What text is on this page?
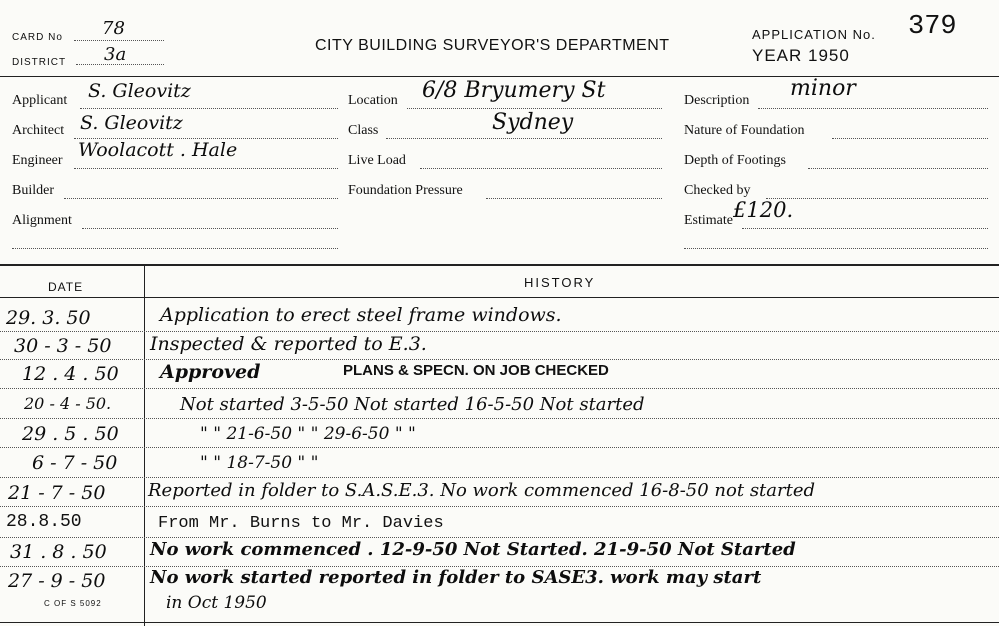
CARD No 78
DISTRICT 3a	CITY BUILDING SURVEYOR'S DEPARTMENT
APPLICATION No. 379
YEAR 1950
Applicant S. Gleovitz
Architect S. Gleovitz
Engineer Woolacott . Hale
Builder
Alignment
Location 6/8 Bryumery St
Class	Sydney
Live Load
Foundation Pressure
Description minor
Nature of Foundation
Depth of Footings
Checked by
Estimate £120.
DATE	HISTORY
29. 3. 50	Application to erect steel frame windows.
30 - 3 - 50 Inspected & reported to E.3.
12 . 4 . 50 Approved	PLANS & SPECN. ON JOB CHECKED
20 - 4 - 50.	Not started 3-5-50 Not started 16-5-50 Not started
29 . 5 . 50	" " 21-6-50 " " 29-6-50 " "
6 - 7 - 50	" " 18-7-50 " "
21 - 7 - 50 Reported in folder to S.A.S.E.3. No work commenced 16-8-50 not started
28.8.50	From Mr. Burns to Mr. Davies
31 . 8 . 50 No work commenced . 12-9-50 Not Started. 21-9-50 Not Started
27 - 9 - 50 No work started reported in folder to SASE3. work may start
in Oct 1950
C OF S 5092
